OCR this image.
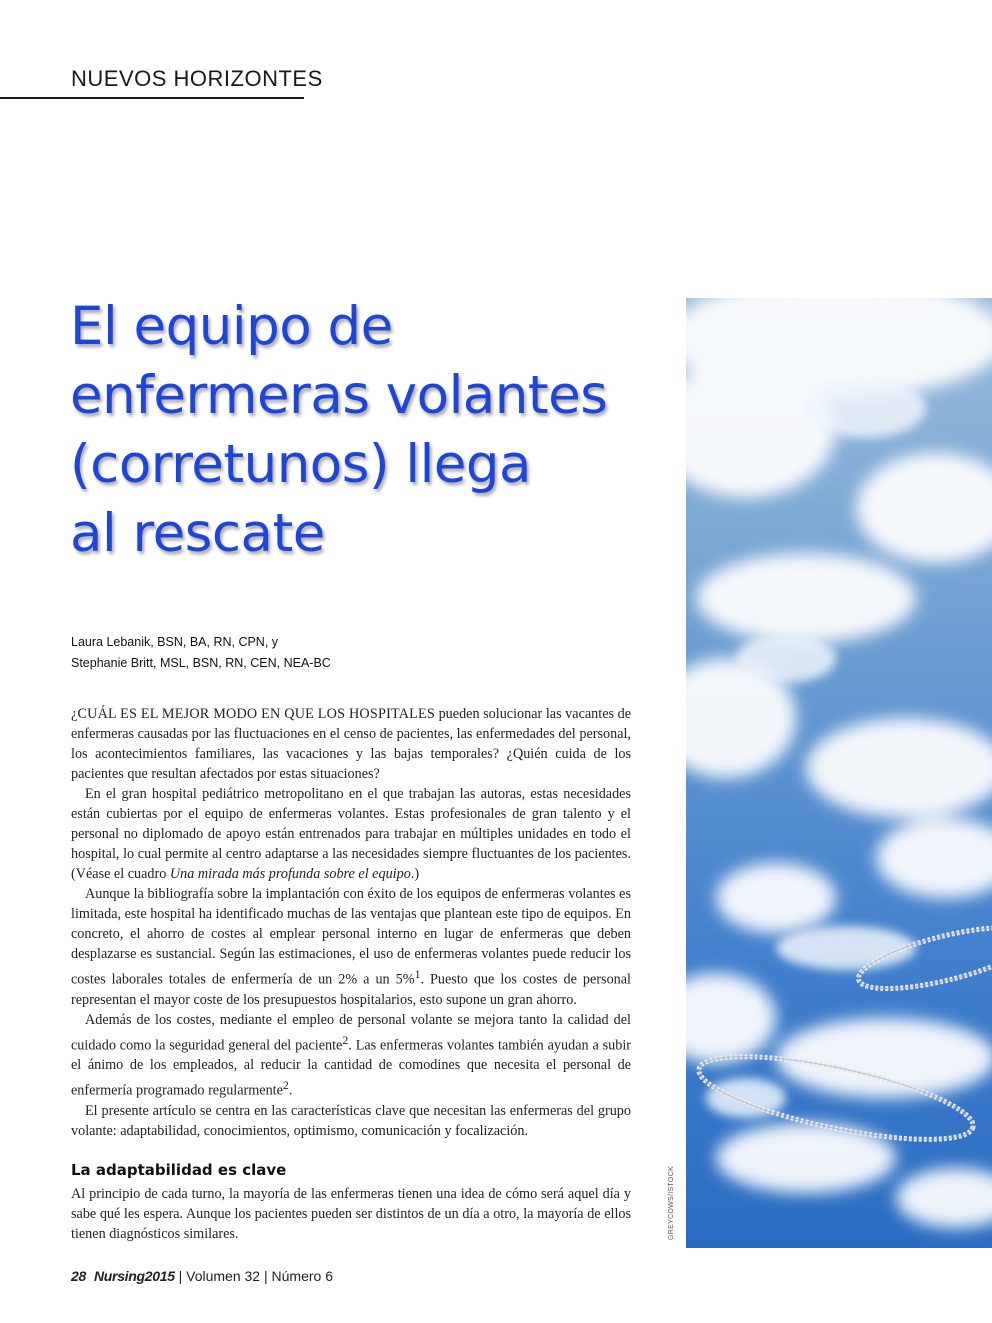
NUEVOS HORIZONTES
El equipo de
enfermeras volantes
(corretunos) llega
al rescate
Laura Lebanik, BSN, BA, RN, CPN, y
Stephanie Britt, MSL, BSN, RN, CEN, NEA-BC

¿CUÁL ES EL MEJOR MODO EN QUE LOS HOSPITALES pueden solucionar las vacantes de enfermeras causadas por las fluctuaciones en el censo de pacientes, las enfermedades del personal, los acontecimientos familiares, las vacaciones y las bajas temporales? ¿Quién cuida de los pacientes que resultan afectados por estas situaciones?

En el gran hospital pediátrico metropolitano en el que trabajan las autoras, estas necesidades están cubiertas por el equipo de enfermeras volantes. Estas profesionales de gran talento y el personal no diplomado de apoyo están entrenados para trabajar en múltiples unidades en todo el hospital, lo cual permite al centro adaptarse a las necesidades siempre fluctuantes de los pacientes. (Véase el cuadro Una mirada más profunda sobre el equipo.)

Aunque la bibliografía sobre la implantación con éxito de los equipos de enfermeras volantes es limitada, este hospital ha identificado muchas de las ventajas que plantean este tipo de equipos. En concreto, el ahorro de costes al emplear personal interno en lugar de enfermeras que deben desplazarse es sustancial. Según las estimaciones, el uso de enfermeras volantes puede reducir los costes laborales totales de enfermería de un 2% a un 5%$^1$. Puesto que los costes de personal representan el mayor coste de los presupuestos hospitalarios, esto supone un gran ahorro.

Además de los costes, mediante el empleo de personal volante se mejora tanto la calidad del cuidado como la seguridad general del paciente$^2$. Las enfermeras volantes también ayudan a subir el ánimo de los empleados, al reducir la cantidad de comodines que necesita el personal de enfermería programado regularmente$^2$.

El presente artículo se centra en las características clave que necesitan las enfermeras del grupo volante: adaptabilidad, conocimientos, optimismo, comunicación y focalización.

La adaptabilidad es clave

Al principio de cada turno, la mayoría de las enfermeras tienen una idea de cómo será aquel día y sabe qué les espera. Aunque los pacientes pueden ser distintos de un día a otro, la mayoría de ellos tienen diagnósticos similares.	GREYCOWS/ISTOCK
28 Nursing2015 | Volumen 32 | Número 6
